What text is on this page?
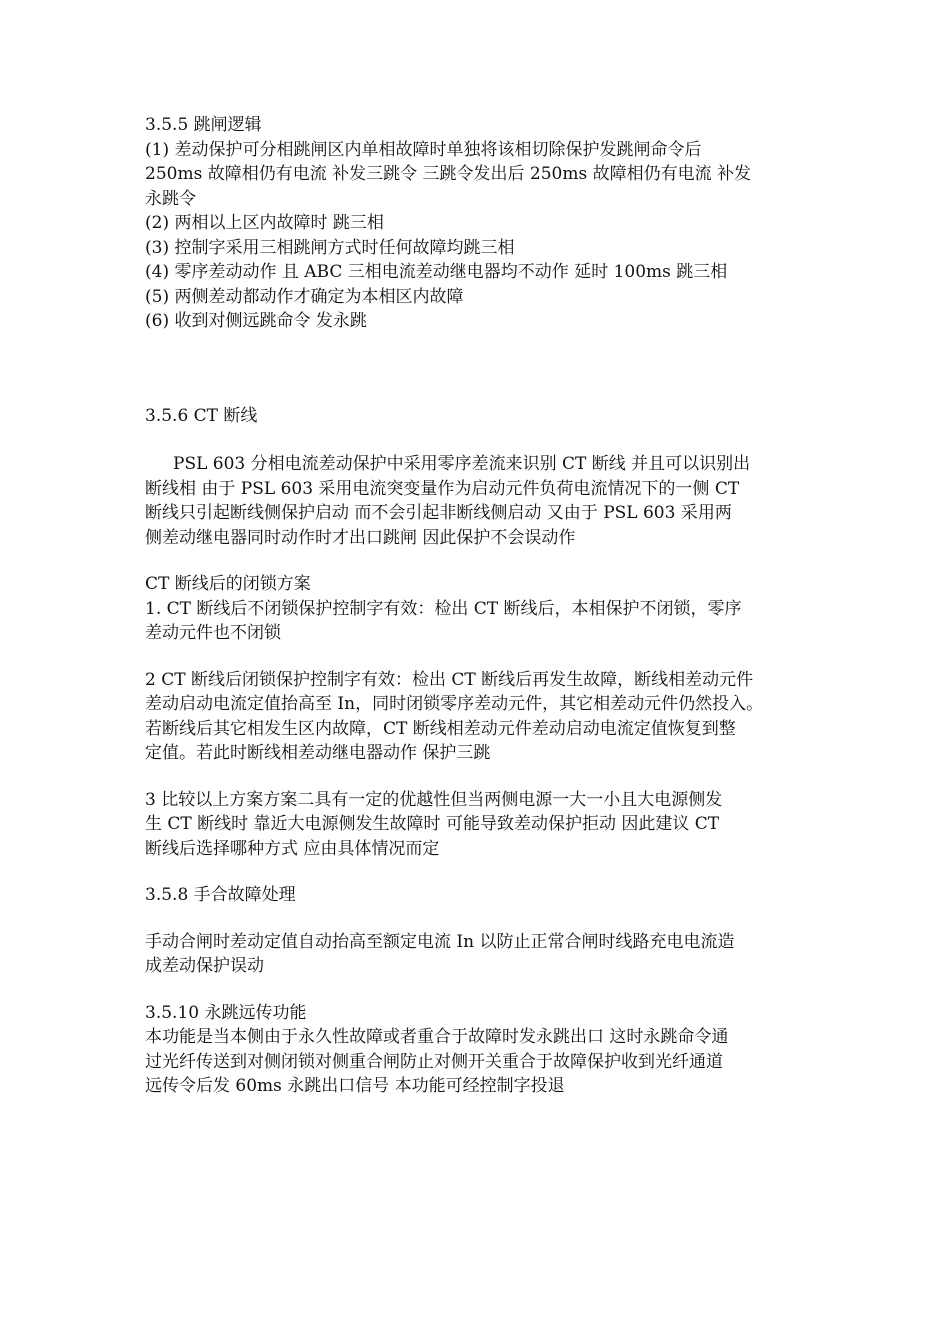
3.5.5 跳闸逻辑
(1) 差动保护可分相跳闸区内单相故障时单独将该相切除保护发跳闸命令后
250ms 故障相仍有电流 补发三跳令 三跳令发出后 250ms 故障相仍有电流 补发
永跳令
(2) 两相以上区内故障时 跳三相
(3) 控制字采用三相跳闸方式时任何故障均跳三相
(4) 零序差动动作 且 ABC 三相电流差动继电器均不动作 延时 100ms 跳三相
(5) 两侧差动都动作才确定为本相区内故障
(6) 收到对侧远跳命令 发永跳
3.5.6 CT 断线
PSL 603 分相电流差动保护中采用零序差流来识别 CT 断线 并且可以识别出
断线相 由于 PSL 603 采用电流突变量作为启动元件负荷电流情况下的一侧 CT
断线只引起断线侧保护启动 而不会引起非断线侧启动 又由于 PSL 603 采用两
侧差动继电器同时动作时才出口跳闸 因此保护不会误动作
CT 断线后的闭锁方案
1. CT 断线后不闭锁保护控制字有效：检出 CT 断线后，本相保护不闭锁，零序
差动元件也不闭锁
2 CT 断线后闭锁保护控制字有效：检出 CT 断线后再发生故障，断线相差动元件
差动启动电流定值抬高至 In，同时闭锁零序差动元件，其它相差动元件仍然投入。
若断线后其它相发生区内故障，CT 断线相差动元件差动启动电流定值恢复到整
定值。若此时断线相差动继电器动作 保护三跳
3 比较以上方案方案二具有一定的优越性但当两侧电源一大一小且大电源侧发
生 CT 断线时 靠近大电源侧发生故障时 可能导致差动保护拒动 因此建议 CT
断线后选择哪种方式 应由具体情况而定
3.5.8 手合故障处理
手动合闸时差动定值自动抬高至额定电流 In 以防止正常合闸时线路充电电流造
成差动保护误动
3.5.10 永跳远传功能
本功能是当本侧由于永久性故障或者重合于故障时发永跳出口 这时永跳命令通
过光纤传送到对侧闭锁对侧重合闸防止对侧开关重合于故障保护收到光纤通道
远传令后发 60ms 永跳出口信号 本功能可经控制字投退
